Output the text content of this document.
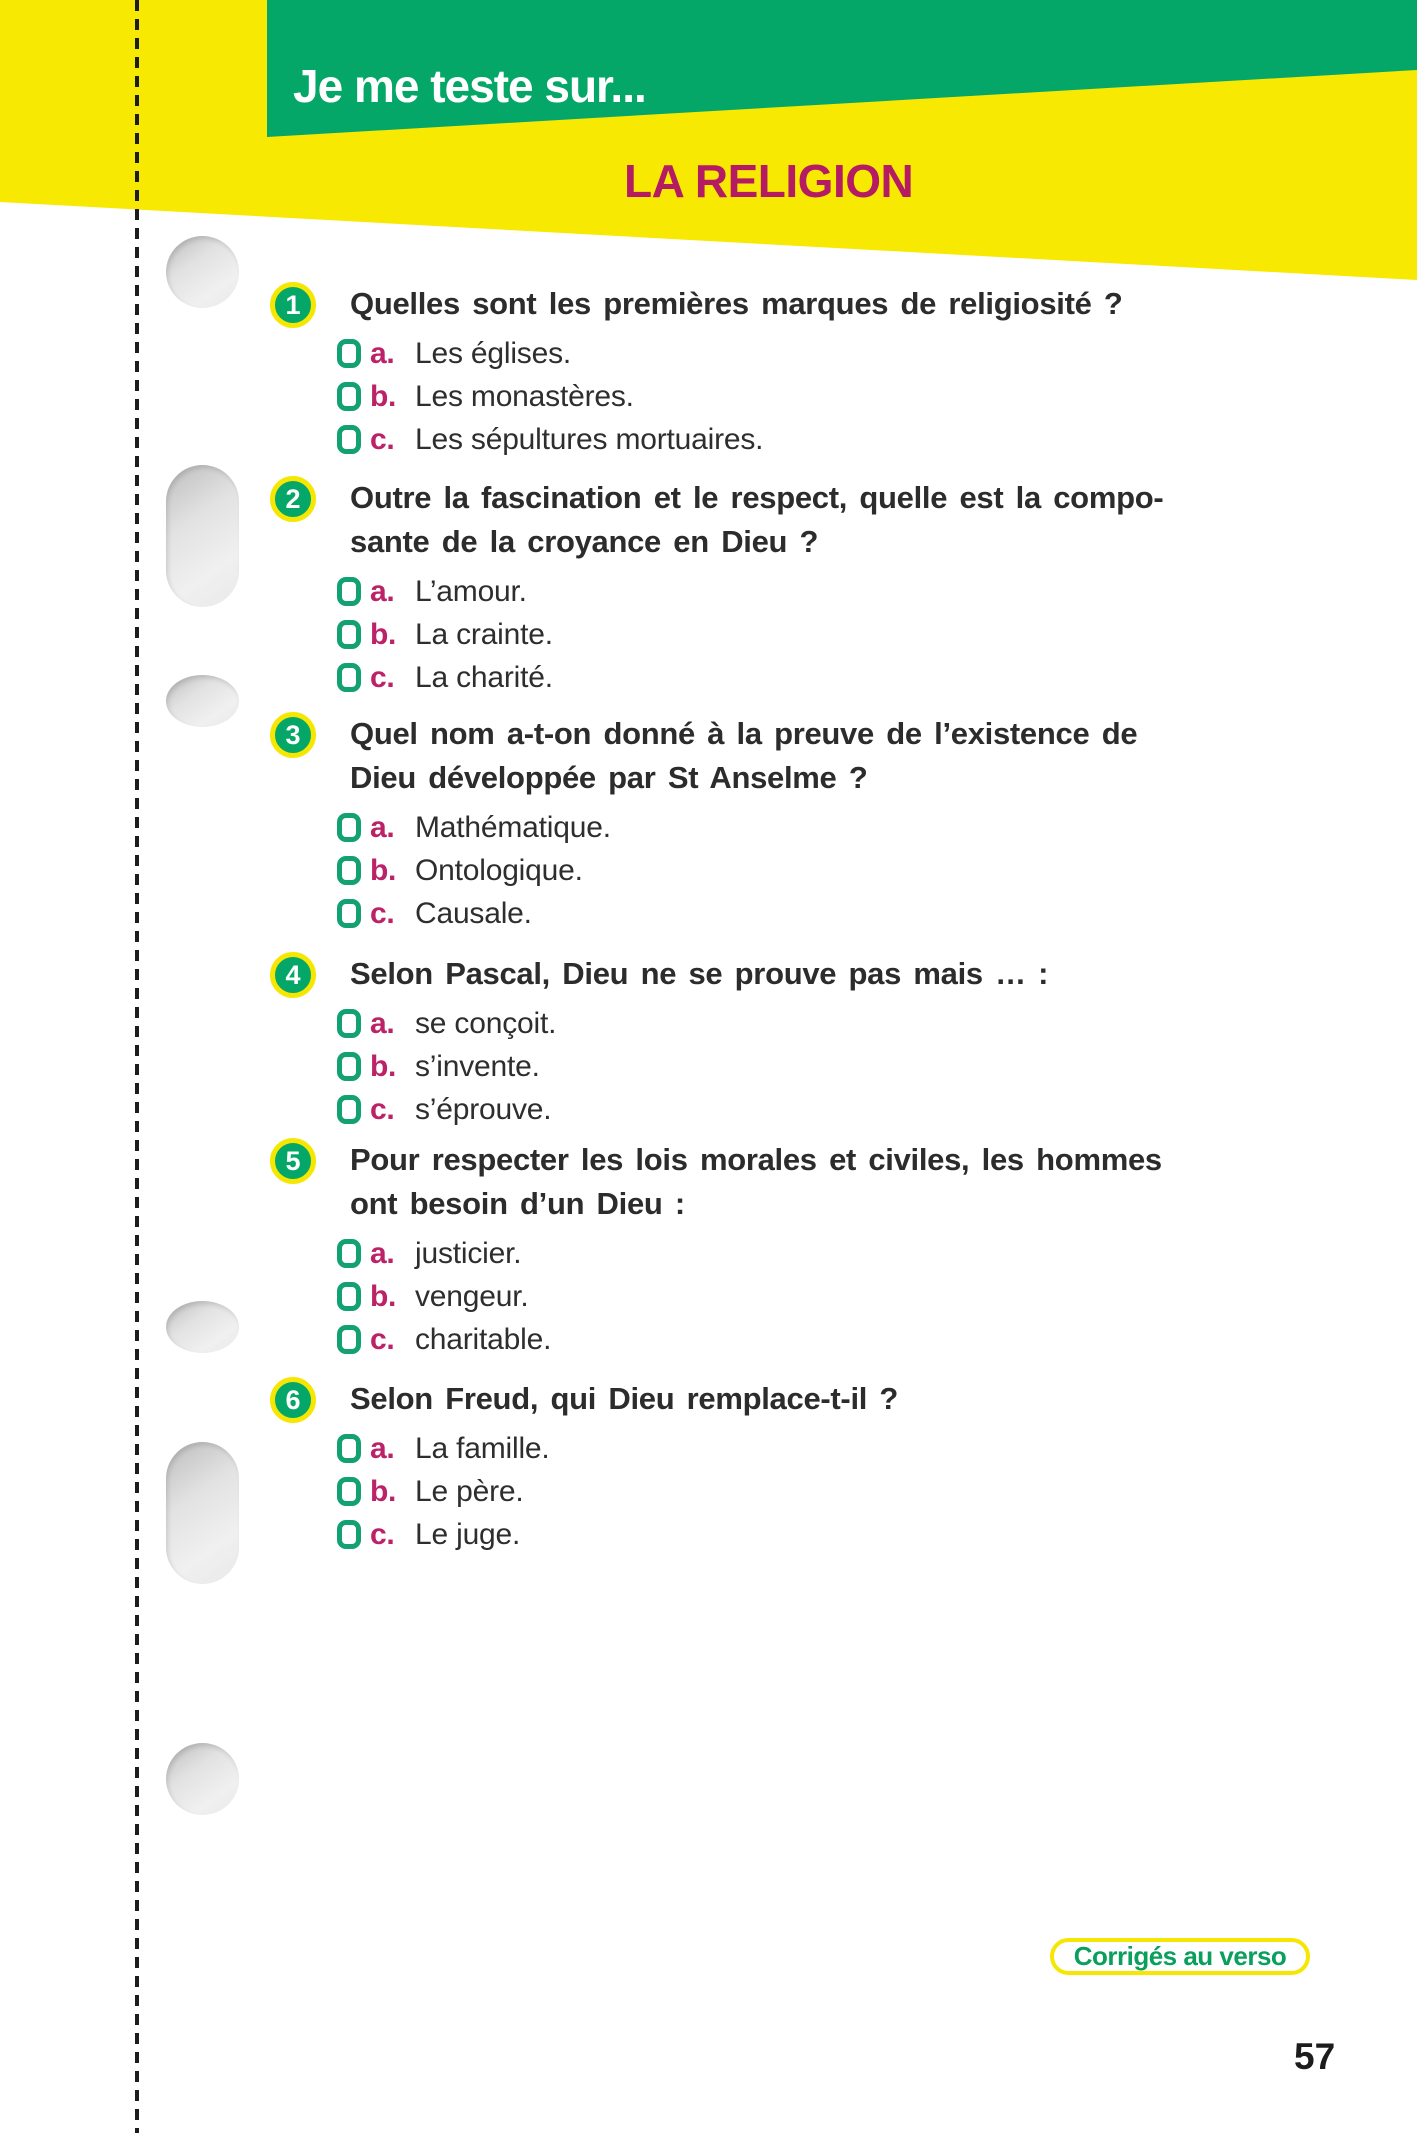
Je me teste sur...
LA RELIGION
1 Quelles sont les premières marques de religiosité ?
a. Les églises.
b. Les monastères.
c. Les sépultures mortuaires.
2 Outre la fascination et le respect, quelle est la compo-
sante de la croyance en Dieu ?
a. L’amour.
b. La crainte.
c. La charité.
3 Quel nom a-t-on donné à la preuve de l’existence de
Dieu développée par St Anselme ?
a. Mathématique.
b. Ontologique.
c. Causale.
4 Selon Pascal, Dieu ne se prouve pas mais … :
a. se conçoit.
b. s’invente.
c. s’éprouve.
5 Pour respecter les lois morales et civiles, les hommes
ont besoin d’un Dieu :
a. justicier.
b. vengeur.
c. charitable.
6 Selon Freud, qui Dieu remplace-t-il ?
a. La famille.
b. Le père.
c. Le juge.
Corrigés au verso
57
